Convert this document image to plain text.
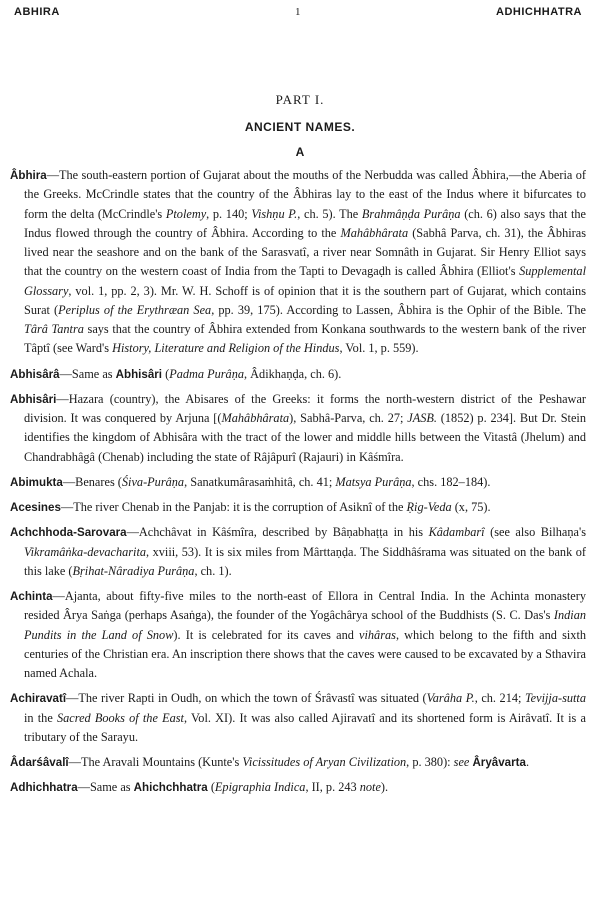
ABHIRA	1	ADHICHHATRA
PART I.
ANCIENT NAMES.
A

Âbhira—The south-eastern portion of Gujarat about the mouths of the Nerbudda was called Âbhira,—the Aberia of the Greeks. McCrindle states that the country of the Âbhiras lay to the east of the Indus where it bifurcates to form the delta (McCrindle's Ptolemy, p. 140; Vishṇu P., ch. 5). The Brahmâṇḍa Purâṇa (ch. 6) also says that the Indus flowed through the country of Âbhira. According to the Mahâbhârata (Sabhâ Parva, ch. 31), the Âbhiras lived near the seashore and on the bank of the Sarasvatî, a river near Somnâth in Gujarat. Sir Henry Elliot says that the country on the western coast of India from the Tapti to Devagaḍh is called Âbhira (Elliot's Supplemental Glossary, vol. 1, pp. 2, 3). Mr. W. H. Schoff is of opinion that it is the southern part of Gujarat, which contains Surat (Periplus of the Erythræan Sea, pp. 39, 175). According to Lassen, Âbhira is the Ophir of the Bible. The Târâ Tantra says that the country of Âbhira extended from Konkana southwards to the western bank of the river Tâptî (see Ward's History, Literature and Religion of the Hindus, Vol. 1, p. 559).

Abhisârâ—Same as Abhisâri (Padma Purâṇa, Âdikhaṇḍa, ch. 6).

Abhisâri—Hazara (country), the Abisares of the Greeks: it forms the north-western district of the Peshawar division. It was conquered by Arjuna [(Mahâbhârata), Sabhâ-Parva, ch. 27; JASB. (1852) p. 234]. But Dr. Stein identifies the kingdom of Abhisâra with the tract of the lower and middle hills between the Vitastâ (Jhelum) and Chandrabhâgâ (Chenab) including the state of Râjâpurî (Rajauri) in Kâśmîra.

Abimukta—Benares (Śiva-Purâṇa, Sanatkumârasaṁhitâ, ch. 41; Matsya Purâṇa, chs. 182–184).

Acesines—The river Chenab in the Panjab: it is the corruption of Asiknî of the Ṛig-Veda (x, 75).

Achchhoda-Sarovara—Achchâvat in Kâśmîra, described by Bâṇabhaṭṭa in his Kâdambarî (see also Bilhaṇa's Vikramâṅka-devacharita, xviii, 53). It is six miles from Mârttaṇḍa. The Siddhâśrama was situated on the bank of this lake (Bṛihat-Nâradiya Purâṇa, ch. 1).

Achinta—Ajanta, about fifty-five miles to the north-east of Ellora in Central India. In the Achinta monastery resided Ârya Saṅga (perhaps Asaṅga), the founder of the Yogâchârya school of the Buddhists (S. C. Das's Indian Pundits in the Land of Snow). It is celebrated for its caves and vihâras, which belong to the fifth and sixth centuries of the Christian era. An inscription there shows that the caves were caused to be excavated by a Sthavira named Achala.

Achiravatî—The river Rapti in Oudh, on which the town of Śrâvastî was situated (Varâha P., ch. 214; Tevijja-sutta in the Sacred Books of the East, Vol. XI). It was also called Ajiravatî and its shortened form is Airâvatî. It is a tributary of the Sarayu.

Âdarśâvalî—The Aravali Mountains (Kunte's Vicissitudes of Aryan Civilization, p. 380): see Âryâvarta.

Adhichhatra—Same as Ahichchhatra (Epigraphia Indica, II, p. 243 note).
